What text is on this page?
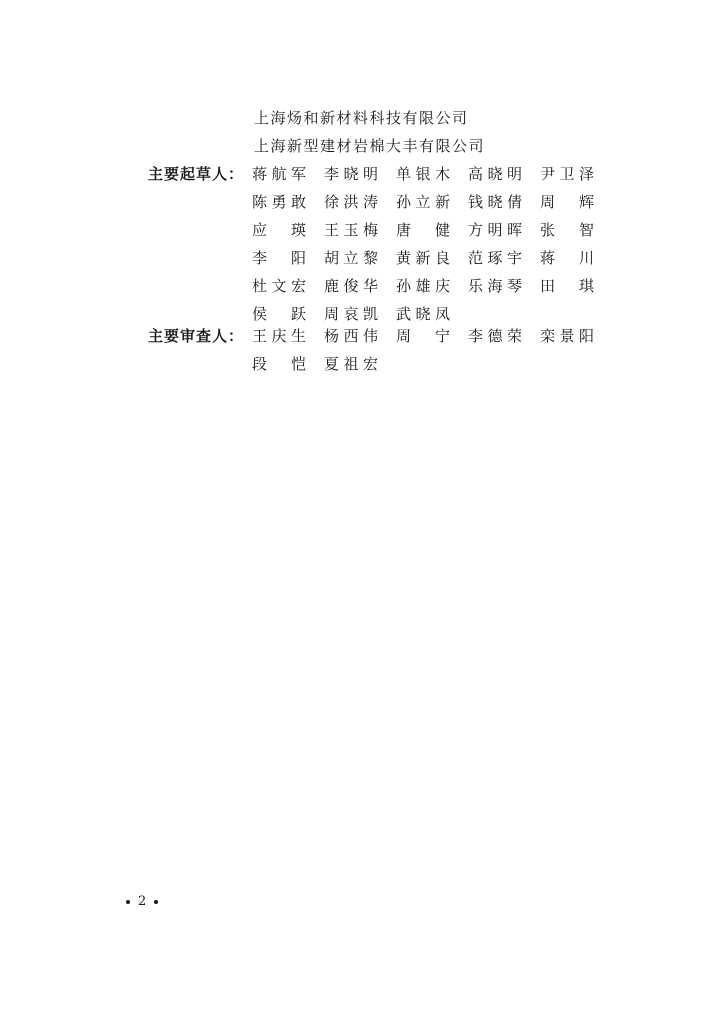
上海炀和新材料科技有限公司
上海新型建材岩棉大丰有限公司
主要起草人： 蒋航军 李晓明 单银木 高晓明 尹卫泽
陈勇敢 徐洪涛 孙立新 钱晓倩 周辉
应瑛 王玉梅 唐健 方明晖 张智
李阳 胡立黎 黄新良 范琢宇 蒋川
杜文宏 鹿俊华 孙雄庆 乐海琴 田琪
侯跃 周哀凯 武晓凤
主要审查人： 王庆生 杨西伟 周宁 李德荣 栾景阳
段恺 夏祖宏
2
